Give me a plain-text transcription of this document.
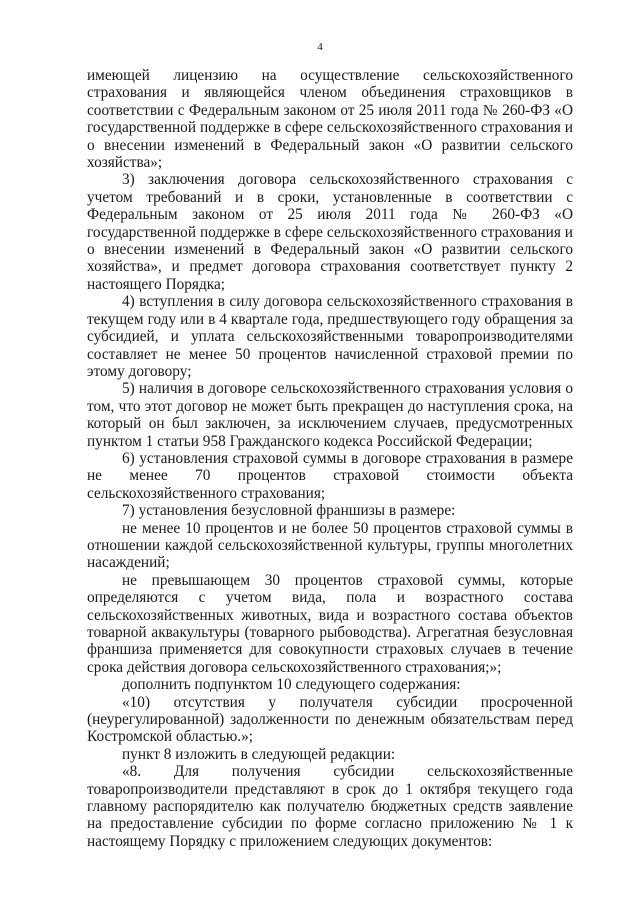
4

имеющей лицензию на осуществление сельскохозяйственного страхования и являющейся членом объединения страховщиков в соответствии с Федеральным законом от 25 июля 2011 года № 260-ФЗ «О государственной поддержке в сфере сельскохозяйственного страхования и о внесении изменений в Федеральный закон «О развитии сельского хозяйства»;

3) заключения договора сельскохозяйственного страхования с учетом требований и в сроки, установленные в соответствии с Федеральным законом от 25 июля 2011 года № 260-ФЗ «О государственной поддержке в сфере сельскохозяйственного страхования и о внесении изменений в Федеральный закон «О развитии сельского хозяйства», и предмет договора страхования соответствует пункту 2 настоящего Порядка;

4) вступления в силу договора сельскохозяйственного страхования в текущем году или в 4 квартале года, предшествующего году обращения за субсидией, и уплата сельскохозяйственными товаропроизводителями составляет не менее 50 процентов начисленной страховой премии по этому договору;

5) наличия в договоре сельскохозяйственного страхования условия о том, что этот договор не может быть прекращен до наступления срока, на который он был заключен, за исключением случаев, предусмотренных пунктом 1 статьи 958 Гражданского кодекса Российской Федерации;

6) установления страховой суммы в договоре страхования в размере не менее 70 процентов страховой стоимости объекта сельскохозяйственного страхования;

7) установления безусловной франшизы в размере:

не менее 10 процентов и не более 50 процентов страховой суммы в отношении каждой сельскохозяйственной культуры, группы многолетних насаждений;

не превышающем 30 процентов страховой суммы, которые определяются с учетом вида, пола и возрастного состава сельскохозяйственных животных, вида и возрастного состава объектов товарной аквакультуры (товарного рыбоводства). Агрегатная безусловная франшиза применяется для совокупности страховых случаев в течение срока действия договора сельскохозяйственного страхования;»;

дополнить подпунктом 10 следующего содержания:

«10) отсутствия у получателя субсидии просроченной (неурегулированной) задолженности по денежным обязательствам перед Костромской областью.»;

пункт 8 изложить в следующей редакции:

«8. Для получения субсидии сельскохозяйственные товаропроизводители представляют в срок до 1 октября текущего года главному распорядителю как получателю бюджетных средств заявление на предоставление субсидии по форме согласно приложению № 1 к настоящему Порядку с приложением следующих документов:
